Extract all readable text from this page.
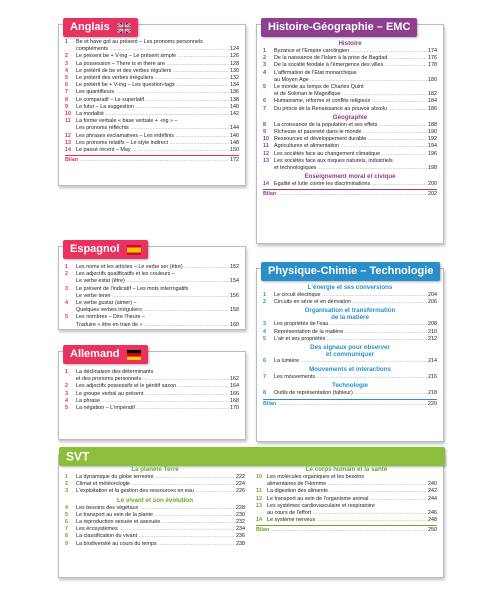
Anglais
1	Be et have got au présent – Les pronoms personnels
compléments .....	124
2	Le présent be + V-ing – Le présent simple .....	126
3	La possession – There is et there are .....	128
4	Le prétérit de be et des verbes réguliers .....	130
5	Le prétérit des verbes irréguliers .....	132
6	Le prétérit be + V-ing – Les question-tags .....	134
7	Les quantifieurs .....	136
8	Le comparatif – Le superlatif .....	138
9	Le futur – La suggestion .....	140
10 La modalité .....	142
11 La forme verbale « base verbale + -ing » –
Les pronoms réfléchis .....	144
12 Les phrases exclamatives – Les indéfinis .....	146
13 Les pronoms relatifs – Le style indirect .....	148
14 Le passé récent – May .....	150
Bilan .....	172
Espagnol
1	Les noms et les articles – Le verbe ser (être) .....	152
2	Les adjectifs qualificatifs et les couleurs –
Le verbe estar (être) .....	154
3	Le présent de l'indicatif – Les mots interrogatifs
Le verbe tener .....	156
4	Le verbe gustar (aimer) –
Quelques verbes irréguliers .....	158
5	Les nombres – Dire l'heure –
Traduire « être en train de » .....	160
Allemand
1	La déclinaison des déterminants
et des pronoms personnels .....	162
2	Les adjectifs possessifs et le génitif saxon .....	164
3	Le groupe verbal au présent .....	166
4	La phrase .....	168
5	La négation – L'impératif .....	170
Histoire-Géographie – EMC
Histoire
1	Byzance et l'Empire carolingien .....	174
2	De la naissance de l'Islam à la prise de Bagdad .....	176
3	De la société féodale à l'émergence des villes .....	178
4	L'affirmation de l'État monarchique
au Moyen Âge .....	180
5	Le monde au temps de Charles Quint
et de Soliman le Magnifique .....	182
6	Humanisme, réforme et conflits religieux .....	184
7	Du prince de la Renaissance au pouvoir absolu .....	186
Géographie
8	La croissance de la population et ses effets .....	188
9	Richesse et pauvreté dans le monde .....	190
10 Ressources et développement durable .....	192
11 Agricultures et alimentation .....	194
12 Les sociétés face au changement climatique .....	196
13 Les sociétés face aux risques naturels, industriels
et technologiques .....	198
Enseignement moral et civique
14 Égalité et lutte contre les discriminations .....	200
Bilan .....	202
Physique-Chimie – Technologie
L'énergie et ses conversions
1	Le circuit électrique .....	204
2	Circuits en série et en dérivation .....	206
Organisation et transformation
de la matière
3	Les propriétés de l'eau .....	208
4	Représentation de la matière .....	210
5	L'air et ses propriétés .....	212
Des signaux pour observer
et communiquer
6	La lumière .....	214
Mouvements et interactions
7	Les mouvements .....	216
Technologie
8	Outils de représentation (tableur) .....	218
Bilan .....	220
SVT
La planète Terre
1	La dynamique du globe terrestre .....	222
2	Climat et météorologie .....	224
3	L'exploitation et la gestion des ressources en eau .....	226
Le vivant et son évolution
4	Les besoins des végétaux .....	228
5	Le transport au sein de la plante .....	230
6	La reproduction sexuée et asexuée .....	232
7	Les écosystèmes .....	234
8	La classification du vivant .....	236
9	La biodiversité au cours du temps .....	238
Le corps humain et la santé
10 Les molécules organiques et les besoins
alimentaires de l'Homme .....	240
11 La digestion des aliments .....	242
12 Le transport au sein de l'organisme animal .....	244
13 Les systèmes cardiovasculaire et respiratoire
au cours de l'effort .....	246
14 Le système nerveux .....	248
Bilan .....	250
